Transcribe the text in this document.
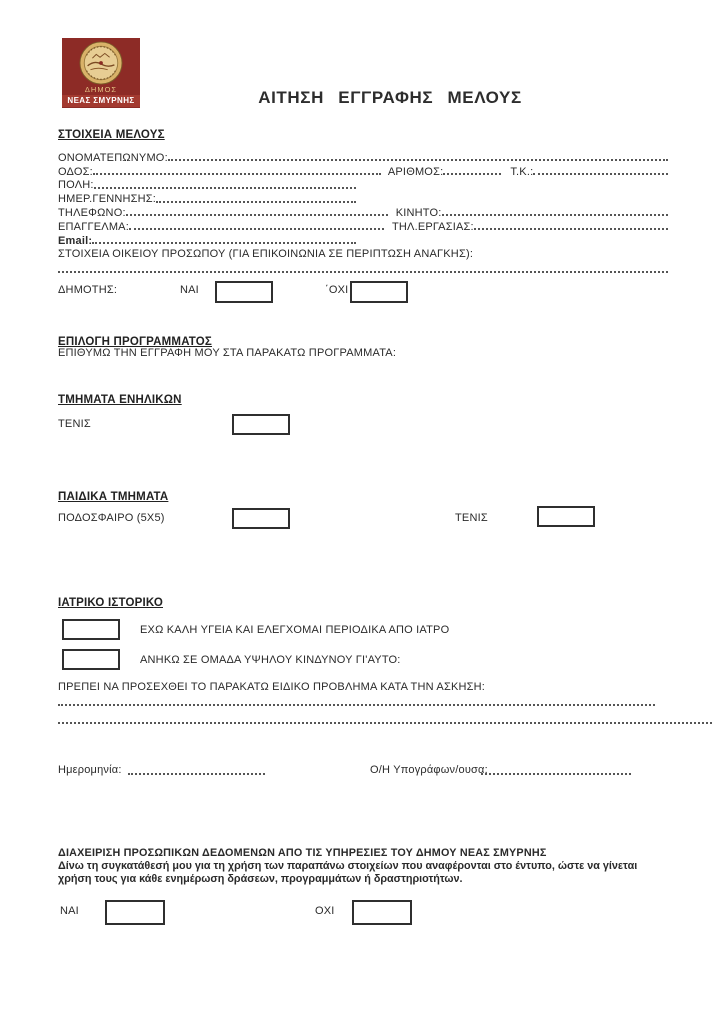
ΔΗΜΟΣ
ΝΕΑΣ ΣΜΥΡΝΗΣ	ΑΙΤΗΣΗ ΕΓΓΡΑΦΗΣ ΜΕΛΟΥΣ
ΣΤΟΙΧΕΙΑ ΜΕΛΟΥΣ
ΟΝΟΜΑΤΕΠΩΝΥΜΟ:
ΟΔΟΣ:	ΑΡΙΘΜΟΣ:	Τ.Κ.:
ΠΟΛΗ:
ΗΜΕΡ.ΓΕΝΝΗΣΗΣ:
ΤΗΛΕΦΩΝΟ:	ΚΙΝΗΤΟ:
ΕΠΑΓΓΕΛΜΑ:	ΤΗΛ.ΕΡΓΑΣΙΑΣ:
Email:
ΣΤΟΙΧΕΙΑ ΟΙΚΕΙΟΥ ΠΡΟΣΩΠΟΥ (ΓΙΑ ΕΠΙΚΟΙΝΩΝΙΑ ΣΕ ΠΕΡΙΠΤΩΣΗ ΑΝΑΓΚΗΣ):
ΔΗΜΟΤΗΣ:	ΝΑΙ	΄ΟΧΙ
ΕΠΙΛΟΓΗ ΠΡΟΓΡΑΜΜΑΤΟΣ
ΕΠΙΘΥΜΩ ΤΗΝ ΕΓΓΡΑΦΗ ΜΟΥ ΣΤΑ ΠΑΡΑΚΑΤΩ ΠΡΟΓΡΑΜΜΑΤΑ:
ΤΜΗΜΑΤΑ ΕΝΗΛΙΚΩΝ
ΤΕΝΙΣ
ΠΑΙΔΙΚΑ ΤΜΗΜΑΤΑ
ΠΟΔΟΣΦΑΙΡΟ (5Χ5)	ΤΕΝΙΣ
ΙΑΤΡΙΚΟ ΙΣΤΟΡΙΚΟ
ΕΧΩ ΚΑΛΗ ΥΓΕΙΑ ΚΑΙ ΕΛΕΓΧΟΜΑΙ ΠΕΡΙΟΔΙΚΑ ΑΠΟ ΙΑΤΡΟ
ΑΝΗΚΩ ΣΕ ΟΜΑΔΑ ΥΨΗΛΟΥ ΚΙΝΔΥΝΟΥ ΓΙ'ΑΥΤΟ:
ΠΡΕΠΕΙ ΝΑ ΠΡΟΣΕΧΘΕΙ ΤΟ ΠΑΡΑΚΑΤΩ ΕΙΔΙΚΟ ΠΡΟΒΛΗΜΑ ΚΑΤΑ ΤΗΝ ΑΣΚΗΣΗ:
Ημερομηνία:	Ο/Η Υπογράφων/ουσα:
ΔΙΑΧΕΙΡΙΣΗ ΠΡΟΣΩΠΙΚΩΝ ΔΕΔΟΜΕΝΩΝ ΑΠΟ ΤΙΣ ΥΠΗΡΕΣΙΕΣ ΤΟΥ ΔΗΜΟΥ ΝΕΑΣ ΣΜΥΡΝΗΣ
Δίνω τη συγκατάθεσή μου για τη χρήση των παραπάνω στοιχείων που αναφέρονται στο έντυπο, ώστε να γίνεται χρήση τους για κάθε ενημέρωση δράσεων, προγραμμάτων ή δραστηριοτήτων.
ΝΑΙ	ΟΧΙ
